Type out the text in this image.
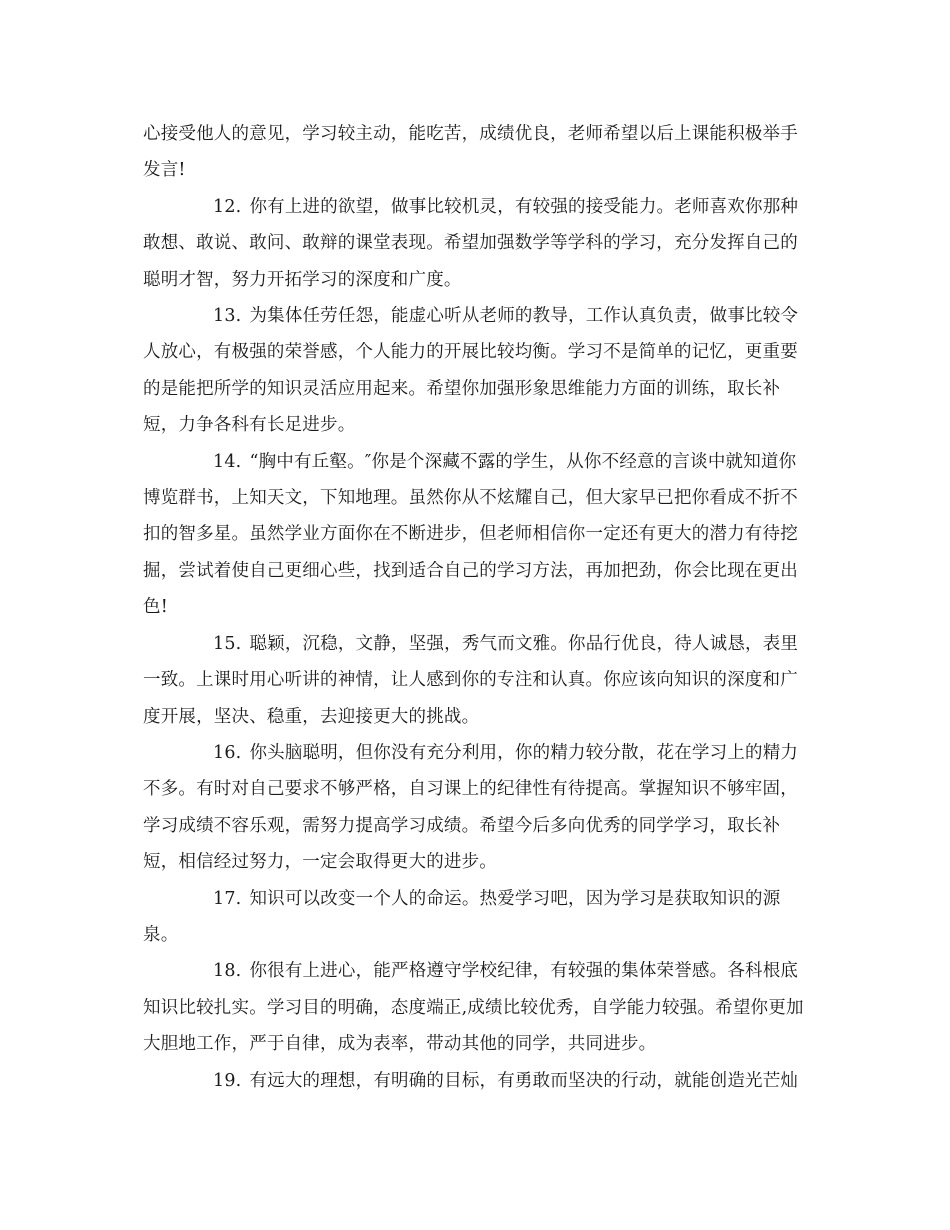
心接受他人的意见，学习较主动，能吃苦，成绩优良，老师希望以后上课能积极举手发言!

12. 你有上进的欲望，做事比较机灵，有较强的接受能力。老师喜欢你那种敢想、敢说、敢问、敢辩的课堂表现。希望加强数学等学科的学习，充分发挥自己的聪明才智，努力开拓学习的深度和广度。

13. 为集体任劳任怨，能虚心听从老师的教导，工作认真负责，做事比较令人放心，有极强的荣誉感，个人能力的开展比较均衡。学习不是简单的记忆，更重要的是能把所学的知识灵活应用起来。希望你加强形象思维能力方面的训练，取长补短，力争各科有长足进步。

14. “胸中有丘壑。″你是个深藏不露的学生，从你不经意的言谈中就知道你博览群书，上知天文，下知地理。虽然你从不炫耀自己，但大家早已把你看成不折不扣的智多星。虽然学业方面你在不断进步，但老师相信你一定还有更大的潜力有待挖掘，尝试着使自己更细心些，找到适合自己的学习方法，再加把劲，你会比现在更出色!

15. 聪颖，沉稳，文静，坚强，秀气而文雅。你品行优良，待人诚恳，表里一致。上课时用心听讲的神情，让人感到你的专注和认真。你应该向知识的深度和广度开展，坚决、稳重，去迎接更大的挑战。

16. 你头脑聪明，但你没有充分利用，你的精力较分散，花在学习上的精力不多。有时对自己要求不够严格，自习课上的纪律性有待提高。掌握知识不够牢固，学习成绩不容乐观，需努力提高学习成绩。希望今后多向优秀的同学学习，取长补短，相信经过努力，一定会取得更大的进步。

17. 知识可以改变一个人的命运。热爱学习吧，因为学习是获取知识的源泉。

18. 你很有上进心，能严格遵守学校纪律，有较强的集体荣誉感。各科根底知识比较扎实。学习目的明确，态度端正,成绩比较优秀，自学能力较强。希望你更加大胆地工作，严于自律，成为表率，带动其他的同学，共同进步。

19. 有远大的理想，有明确的目标，有勇敢而坚决的行动，就能创造光芒灿
